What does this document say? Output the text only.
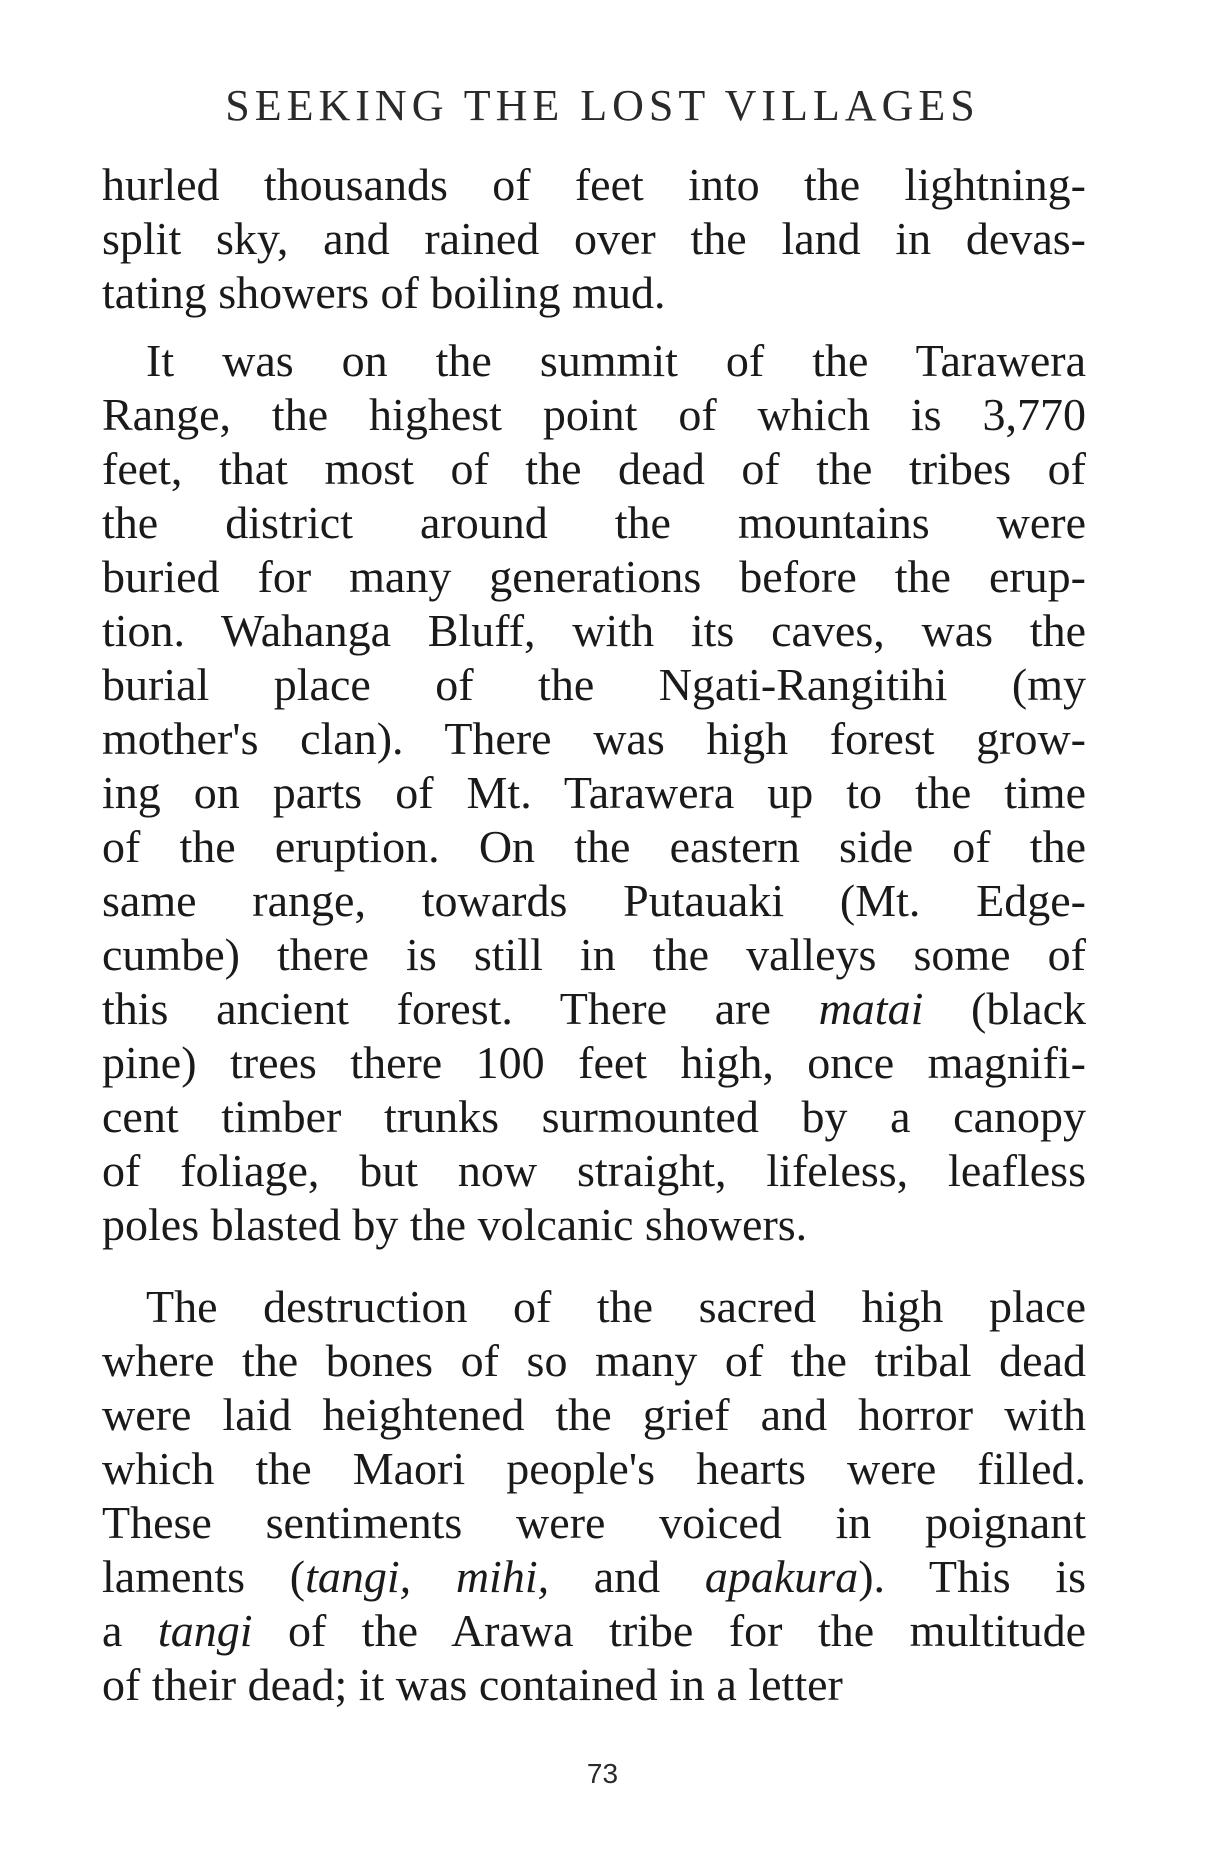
SEEKING THE LOST VILLAGES
hurled thousands of feet into the lightning-
split sky, and rained over the land in devas-
tating showers of boiling mud.
It was on the summit of the Tarawera
Range, the highest point of which is 3,770
feet, that most of the dead of the tribes of
the district around the mountains were
buried for many generations before the erup-
tion. Wahanga Bluff, with its caves, was the
burial place of the Ngati-Rangitihi (my
mother's clan). There was high forest grow-
ing on parts of Mt. Tarawera up to the time
of the eruption. On the eastern side of the
same range, towards Putauaki (Mt. Edge-
cumbe) there is still in the valleys some of
this ancient forest. There are matai (black
pine) trees there 100 feet high, once magnifi-
cent timber trunks surmounted by a canopy
of foliage, but now straight, lifeless, leafless
poles blasted by the volcanic showers.
The destruction of the sacred high place
where the bones of so many of the tribal dead
were laid heightened the grief and horror with
which the Maori people's hearts were filled.
These sentiments were voiced in poignant
laments (tangi, mihi, and apakura). This is
a tangi of the Arawa tribe for the multitude
of their dead; it was contained in a letter
73
